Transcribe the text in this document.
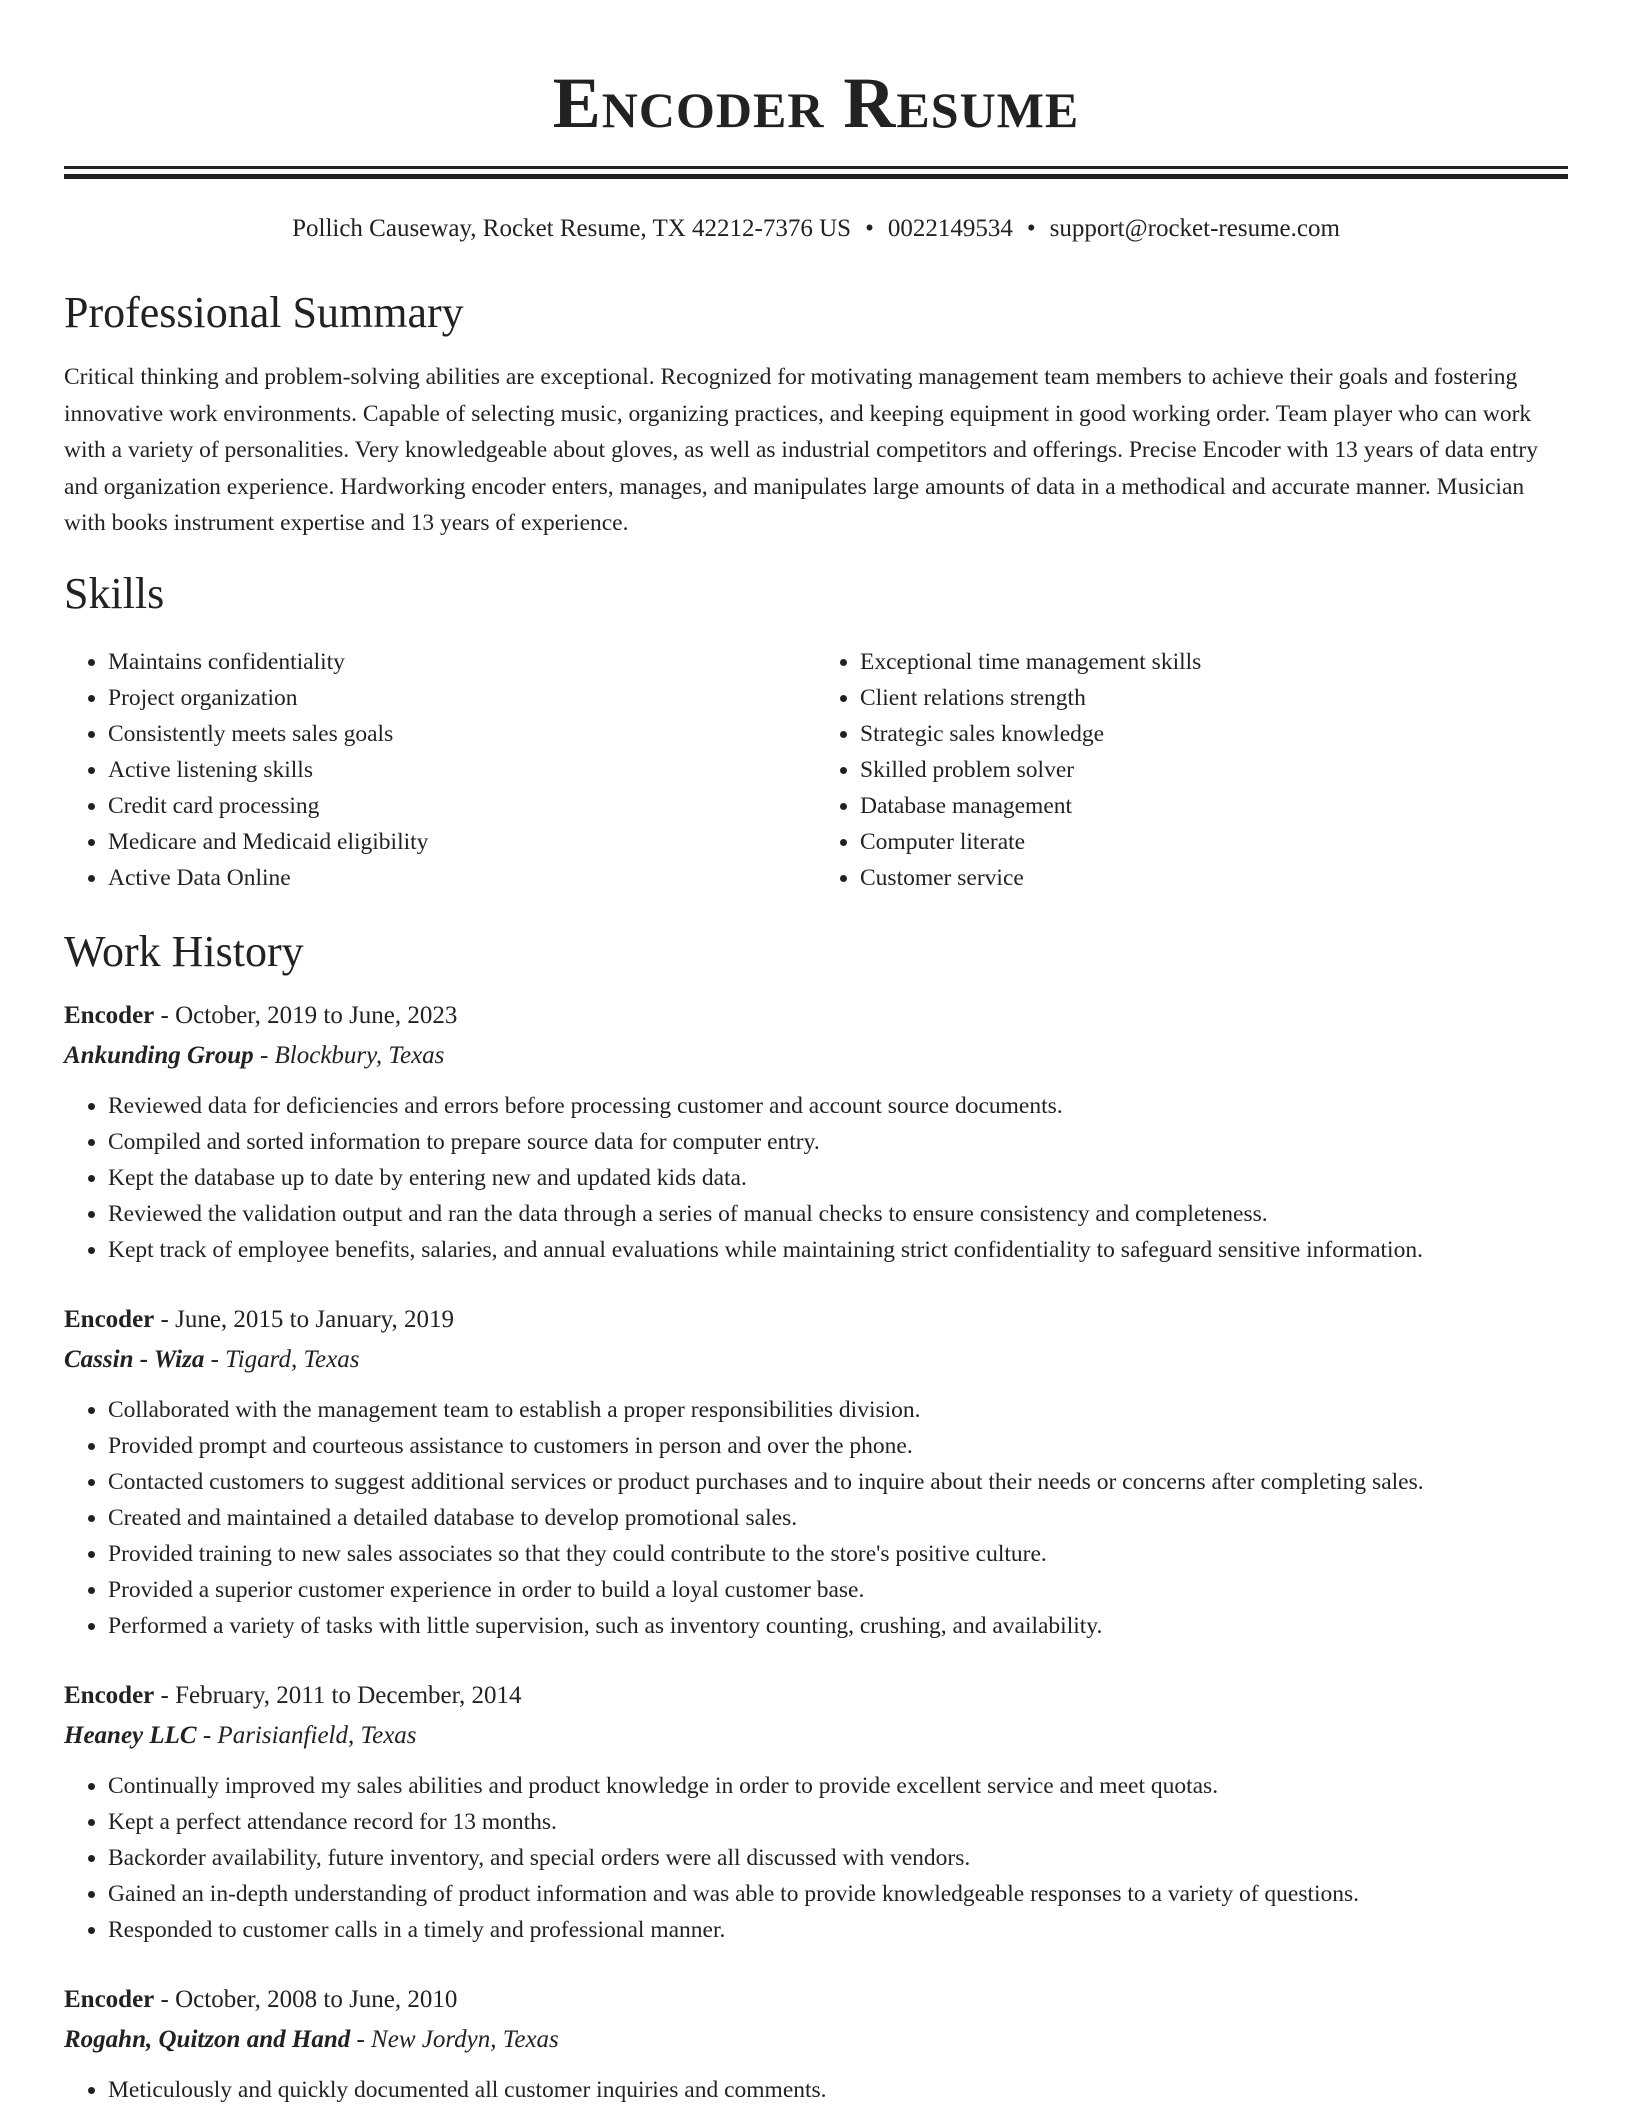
Encoder Resume
Pollich Causeway, Rocket Resume, TX 42212-7376 US • 0022149534 • support@rocket-resume.com
Professional Summary
Critical thinking and problem-solving abilities are exceptional. Recognized for motivating management team members to achieve their goals and fostering innovative work environments. Capable of selecting music, organizing practices, and keeping equipment in good working order. Team player who can work with a variety of personalities. Very knowledgeable about gloves, as well as industrial competitors and offerings. Precise Encoder with 13 years of data entry and organization experience. Hardworking encoder enters, manages, and manipulates large amounts of data in a methodical and accurate manner. Musician with books instrument expertise and 13 years of experience.
Skills
• Maintains confidentiality
• Project organization
• Consistently meets sales goals
• Active listening skills
• Credit card processing
• Medicare and Medicaid eligibility
• Active Data Online
• Exceptional time management skills
• Client relations strength
• Strategic sales knowledge
• Skilled problem solver
• Database management
• Computer literate
• Customer service
Work History
Encoder - October, 2019 to June, 2023
Ankunding Group - Blockbury, Texas
• Reviewed data for deficiencies and errors before processing customer and account source documents.
• Compiled and sorted information to prepare source data for computer entry.
• Kept the database up to date by entering new and updated kids data.
• Reviewed the validation output and ran the data through a series of manual checks to ensure consistency and completeness.
• Kept track of employee benefits, salaries, and annual evaluations while maintaining strict confidentiality to safeguard sensitive information.
Encoder - June, 2015 to January, 2019
Cassin - Wiza - Tigard, Texas
• Collaborated with the management team to establish a proper responsibilities division.
• Provided prompt and courteous assistance to customers in person and over the phone.
• Contacted customers to suggest additional services or product purchases and to inquire about their needs or concerns after completing sales.
• Created and maintained a detailed database to develop promotional sales.
• Provided training to new sales associates so that they could contribute to the store's positive culture.
• Provided a superior customer experience in order to build a loyal customer base.
• Performed a variety of tasks with little supervision, such as inventory counting, crushing, and availability.
Encoder - February, 2011 to December, 2014
Heaney LLC - Parisianfield, Texas
• Continually improved my sales abilities and product knowledge in order to provide excellent service and meet quotas.
• Kept a perfect attendance record for 13 months.
• Backorder availability, future inventory, and special orders were all discussed with vendors.
• Gained an in-depth understanding of product information and was able to provide knowledgeable responses to a variety of questions.
• Responded to customer calls in a timely and professional manner.
Encoder - October, 2008 to June, 2010
Rogahn, Quitzon and Hand - New Jordyn, Texas
• Meticulously and quickly documented all customer inquiries and comments.
